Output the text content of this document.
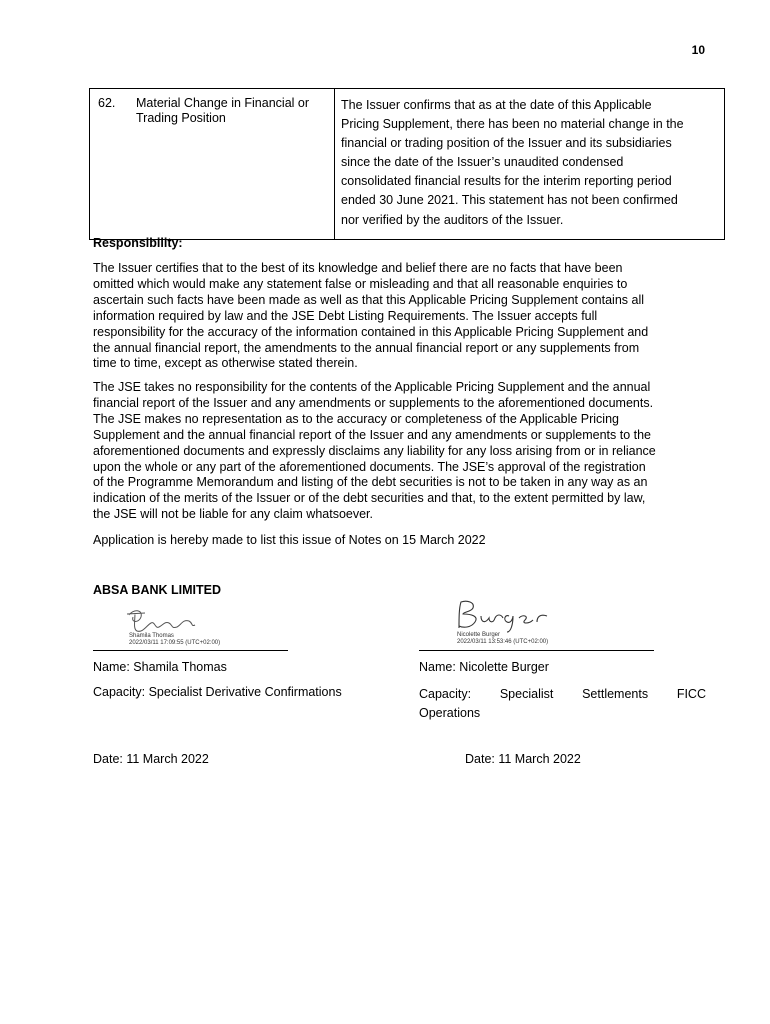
10
62.	Material Change in Financial or Trading Position

The Issuer confirms that as at the date of this Applicable
Pricing Supplement, there has been no material change in the
financial or trading position of the Issuer and its subsidiaries
since the date of the Issuer’s unaudited condensed
consolidated financial results for the interim reporting period
ended 30 June 2021. This statement has not been confirmed
nor verified by the auditors of the Issuer.
Responsibility:
The Issuer certifies that to the best of its knowledge and belief there are no facts that have been
omitted which would make any statement false or misleading and that all reasonable enquiries to
ascertain such facts have been made as well as that this Applicable Pricing Supplement contains all
information required by law and the JSE Debt Listing Requirements. The Issuer accepts full
responsibility for the accuracy of the information contained in this Applicable Pricing Supplement and
the annual financial report, the amendments to the annual financial report or any supplements from
time to time, except as otherwise stated therein.
The JSE takes no responsibility for the contents of the Applicable Pricing Supplement and the annual
financial report of the Issuer and any amendments or supplements to the aforementioned documents.
The JSE makes no representation as to the accuracy or completeness of the Applicable Pricing
Supplement and the annual financial report of the Issuer and any amendments or supplements to the
aforementioned documents and expressly disclaims any liability for any loss arising from or in reliance
upon the whole or any part of the aforementioned documents. The JSE’s approval of the registration
of the Programme Memorandum and listing of the debt securities is not to be taken in any way as an
indication of the merits of the Issuer or of the debt securities and that, to the extent permitted by law,
the JSE will not be liable for any claim whatsoever.
Application is hereby made to list this issue of Notes on 15 March 2022
ABSA BANK LIMITED
Shamila Thomas
2022/03/11 17:09:55 (UTC+02:00)
Nicolette Burger
2022/03/11 13:53:46 (UTC+02:00)
Name: Shamila Thomas	Name: Nicolette Burger
Capacity: Specialist Derivative Confirmations	Capacity: Specialist Settlements FICC
Operations
Date: 11 March 2022	Date: 11 March 2022
